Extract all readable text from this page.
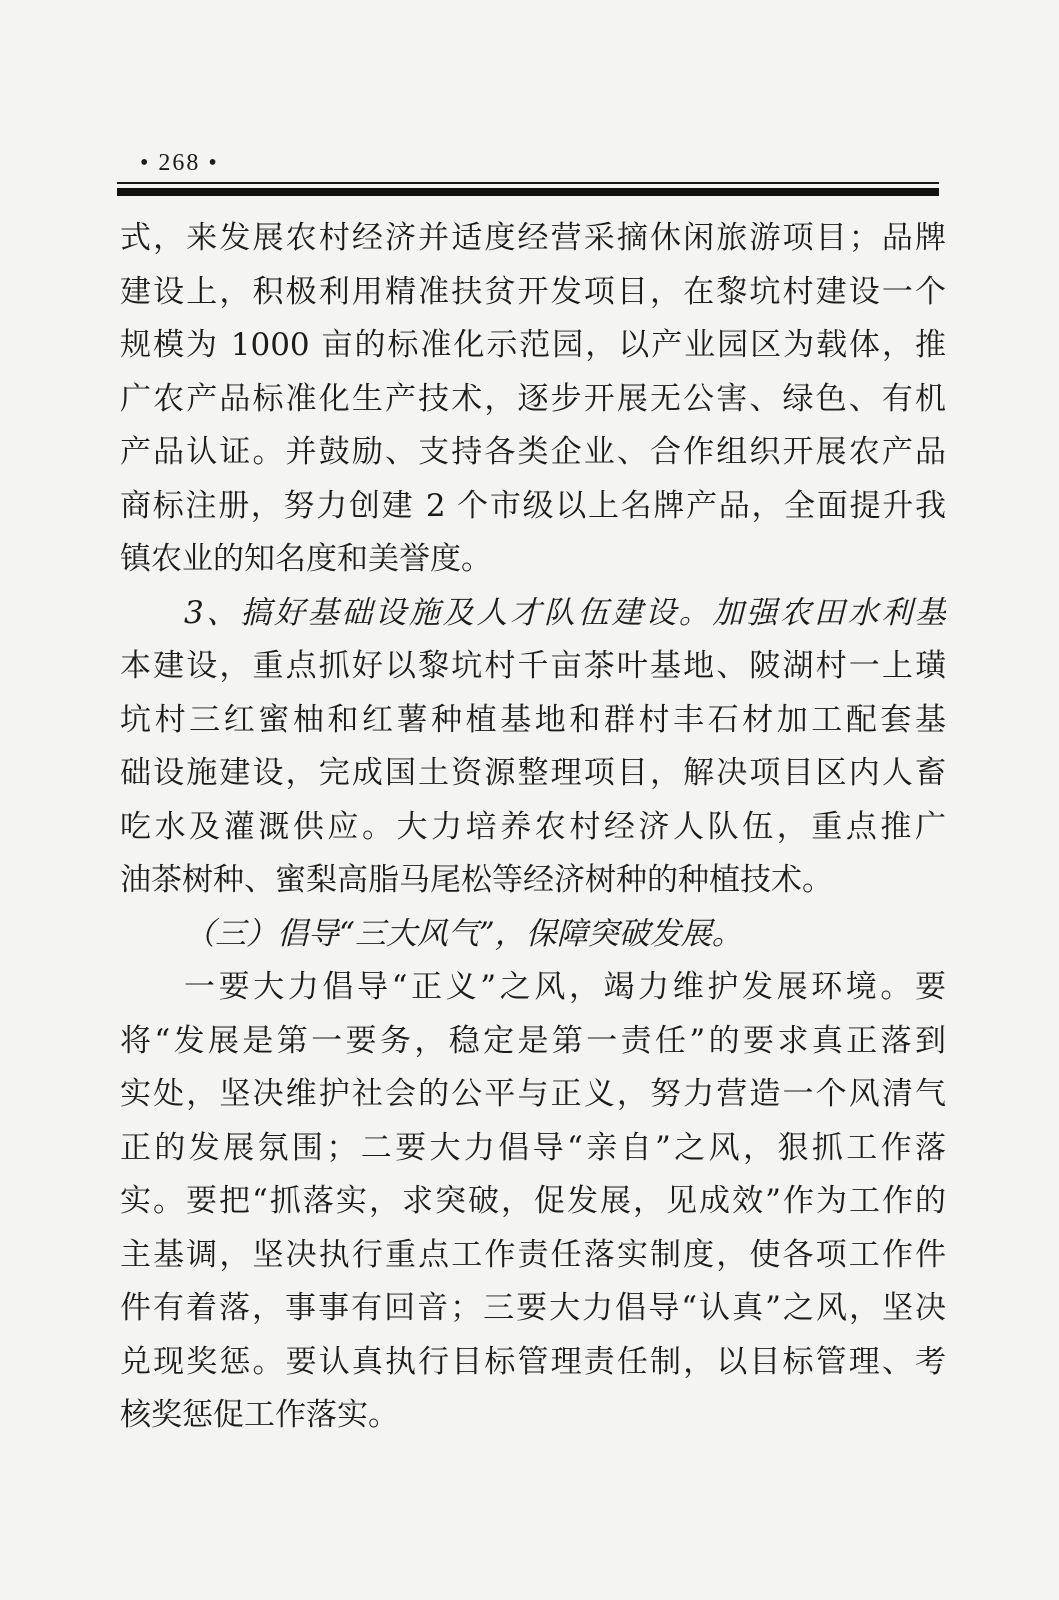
• 268 •
式，来发展农村经济并适度经营采摘休闲旅游项目；品牌
建设上，积极利用精准扶贫开发项目，在黎坑村建设一个
规模为 1000 亩的标准化示范园，以产业园区为载体，推
广农产品标准化生产技术，逐步开展无公害、绿色、有机
产品认证。并鼓励、支持各类企业、合作组织开展农产品
商标注册，努力创建 2 个市级以上名牌产品，全面提升我
镇农业的知名度和美誉度。
3、搞好基础设施及人才队伍建设。加强农田水利基
本建设，重点抓好以黎坑村千亩茶叶基地、陂湖村一上璜
坑村三红蜜柚和红薯种植基地和群村丰石材加工配套基
础设施建设，完成国土资源整理项目，解决项目区内人畜
吃水及灌溉供应。大力培养农村经济人队伍，重点推广
油茶树种、蜜梨高脂马尾松等经济树种的种植技术。
（三）倡导“三大风气”，保障突破发展。
一要大力倡导“正义”之风，竭力维护发展环境。要
将“发展是第一要务，稳定是第一责任”的要求真正落到
实处，坚决维护社会的公平与正义，努力营造一个风清气
正的发展氛围；二要大力倡导“亲自”之风，狠抓工作落
实。要把“抓落实，求突破，促发展，见成效”作为工作的
主基调，坚决执行重点工作责任落实制度，使各项工作件
件有着落，事事有回音；三要大力倡导“认真”之风，坚决
兑现奖惩。要认真执行目标管理责任制，以目标管理、考
核奖惩促工作落实。
